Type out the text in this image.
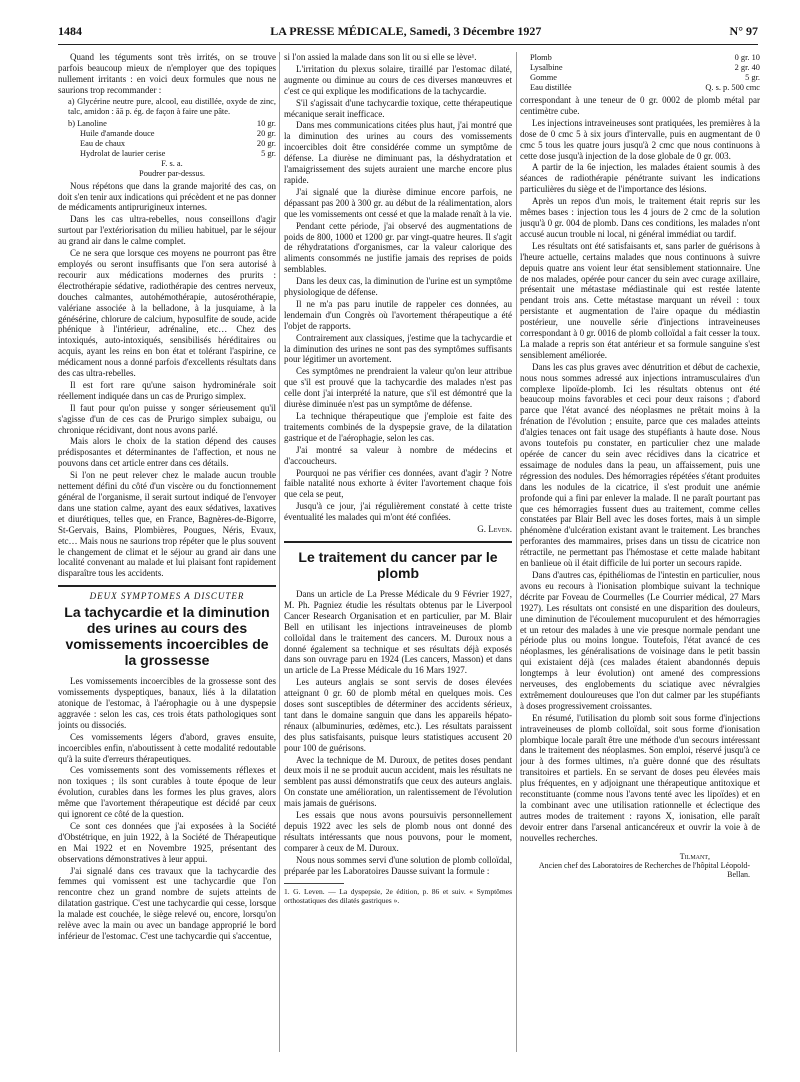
1484	LA PRESSE MÉDICALE, Samedi, 3 Décembre 1927	N° 97

Quand les téguments sont très irrités, on se trouve parfois beaucoup mieux de n'employer que des topiques nullement irritants : en voici deux formules que nous ne saurions trop recommander :

a) Glycérine neutre pure, alcool, eau distillée, oxyde de zinc, talc, amidon : āā p. ég. de façon à faire une pâte.
b) Lanoline	10 gr.
Huile d'amande douce	20 gr.
Eau de chaux	20 gr.
Hydrolat de laurier cerise	5 gr.
F. s. a.
Poudrer par-dessus.

Nous répétons que dans la grande majorité des cas, on doit s'en tenir aux indications qui précèdent et ne pas donner de médicaments antiprurigineux internes.

Dans les cas ultra-rebelles, nous conseillons d'agir surtout par l'extériorisation du milieu habituel, par le séjour au grand air dans le calme complet.

Ce ne sera que lorsque ces moyens ne pourront pas être employés ou seront insuffisants que l'on sera autorisé à recourir aux médications modernes des prurits : électrothérapie sédative, radiothérapie des centres nerveux, douches calmantes, autohémothérapie, autosérothérapie, valériane associée à la belladone, à la jusquiame, à la génésérine, chlorure de calcium, hyposulfite de soude, acide phénique à l'intérieur, adrénaline, etc… Chez des intoxiqués, auto-intoxiqués, sensibilisés héréditaires ou acquis, ayant les reins en bon état et tolérant l'aspirine, ce médicament nous a donné parfois d'excellents résultats dans des cas ultra-rebelles.

Il est fort rare qu'une saison hydrominérale soit réellement indiquée dans un cas de Prurigo simplex.

Il faut pour qu'on puisse y songer sérieusement qu'il s'agisse d'un de ces cas de Prurigo simplex subaigu, ou chronique récidivant, dont nous avons parlé.

Mais alors le choix de la station dépend des causes prédisposantes et déterminantes de l'affection, et nous ne pouvons dans cet article entrer dans ces détails.

Si l'on ne peut relever chez le malade aucun trouble nettement défini du côté d'un viscère ou du fonctionnement général de l'organisme, il serait surtout indiqué de l'envoyer dans une station calme, ayant des eaux sédatives, laxatives et diurétiques, telles que, en France, Bagnères-de-Bigorre, St-Gervais, Bains, Plombières, Pougues, Néris, Evaux, etc… Mais nous ne saurions trop répéter que le plus souvent le changement de climat et le séjour au grand air dans une localité convenant au malade et lui plaisant font rapidement disparaître tous les accidents.

DEUX SYMPTOMES A DISCUTER
La tachycardie et la diminution des urines au cours des vomissements incoercibles de la grossesse

Les vomissements incoercibles de la grossesse sont des vomissements dyspeptiques, banaux, liés à la dilatation atonique de l'estomac, à l'aérophagie ou à une dyspepsie aggravée : selon les cas, ces trois états pathologiques sont joints ou dissociés.

Ces vomissements légers d'abord, graves ensuite, incoercibles enfin, n'aboutissent à cette modalité redoutable qu'à la suite d'erreurs thérapeutiques.

Ces vomissements sont des vomissements réflexes et non toxiques ; ils sont curables à toute époque de leur évolution, curables dans les formes les plus graves, alors même que l'avortement thérapeutique est décidé par ceux qui ignorent ce côté de la question.

Ce sont ces données que j'ai exposées à la Société d'Obstétrique, en juin 1922, à la Société de Thérapeutique en Mai 1922 et en Novembre 1925, présentant des observations démonstratives à leur appui.

J'ai signalé dans ces travaux que la tachycardie des femmes qui vomissent est une tachycardie que l'on rencontre chez un grand nombre de sujets atteints de dilatation gastrique. C'est une tachycardie qui cesse, lorsque la malade est couchée, le siège relevé ou, encore, lorsqu'on relève avec la main ou avec un bandage approprié le bord inférieur de l'estomac. C'est une tachycardie qui s'accentue,

si l'on assied la malade dans son lit ou si elle se lève¹.

L'irritation du plexus solaire, tiraillé par l'estomac dilaté, augmente ou diminue au cours de ces diverses manœuvres et c'est ce qui explique les modifications de la tachycardie.

S'il s'agissait d'une tachycardie toxique, cette thérapeutique mécanique serait inefficace.

Dans mes communications citées plus haut, j'ai montré que la diminution des urines au cours des vomissements incoercibles doit être considérée comme un symptôme de défense. La diurèse ne diminuant pas, la déshydratation et l'amaigrissement des sujets auraient une marche encore plus rapide.

J'ai signalé que la diurèse diminue encore parfois, ne dépassant pas 200 à 300 gr. au début de la réalimentation, alors que les vomissements ont cessé et que la malade renaît à la vie.

Pendant cette période, j'ai observé des augmentations de poids de 800, 1000 et 1200 gr. par vingt-quatre heures. Il s'agit de réhydratations d'organismes, car la valeur calorique des aliments consommés ne justifie jamais des reprises de poids semblables.

Dans les deux cas, la diminution de l'urine est un symptôme physiologique de défense.

Il ne m'a pas paru inutile de rappeler ces données, au lendemain d'un Congrès où l'avortement thérapeutique a été l'objet de rapports.

Contrairement aux classiques, j'estime que la tachycardie et la diminution des urines ne sont pas des symptômes suffisants pour légitimer un avortement.

Ces symptômes ne prendraient la valeur qu'on leur attribue que s'il est prouvé que la tachycardie des malades n'est pas celle dont j'ai interprété la nature, que s'il est démontré que la diurèse diminuée n'est pas un symptôme de défense.

La technique thérapeutique que j'emploie est faite des traitements combinés de la dyspepsie grave, de la dilatation gastrique et de l'aérophagie, selon les cas.

J'ai montré sa valeur à nombre de médecins et d'accoucheurs.

Pourquoi ne pas vérifier ces données, avant d'agir ? Notre faible natalité nous exhorte à éviter l'avortement chaque fois que cela se peut,

Jusqu'à ce jour, j'ai régulièrement constaté à cette triste éventualité les malades qui m'ont été confiées.

G. Leven.

Le traitement du cancer par le plomb

Dans un article de La Presse Médicale du 9 Février 1927, M. Ph. Pagniez étudie les résultats obtenus par le Liverpool Cancer Research Organisation et en particulier, par M. Blair Bell en utilisant les injections intraveineuses de plomb colloïdal dans le traitement des cancers. M. Duroux nous a donné également sa technique et ses résultats déjà exposés dans son ouvrage paru en 1924 (Les cancers, Masson) et dans un article de La Presse Médicale du 16 Mars 1927.

Les auteurs anglais se sont servis de doses élevées atteignant 0 gr. 60 de plomb métal en quelques mois. Ces doses sont susceptibles de déterminer des accidents sérieux, tant dans le domaine sanguin que dans les appareils hépato-rénaux (albuminuries, œdèmes, etc.). Les résultats paraissent des plus satisfaisants, puisque leurs statistiques accusent 20 pour 100 de guérisons.

Avec la technique de M. Duroux, de petites doses pendant deux mois il ne se produit aucun accident, mais les résultats ne semblent pas aussi démonstratifs que ceux des auteurs anglais. On constate une amélioration, un ralentissement de l'évolution mais jamais de guérisons.

Les essais que nous avons poursuivis personnellement depuis 1922 avec les sels de plomb nous ont donné des résultats intéressants que nous pouvons, pour le moment, comparer à ceux de M. Duroux.

Nous nous sommes servi d'une solution de plomb colloïdal, préparée par les Laboratoires Dausse suivant la formule :

1. G. Leven. — La dyspepsie, 2e édition, p. 86 et suiv. « Symptômes orthostatiques des dilatés gastriques ».

Plomb	0 gr. 10
Lysalbine	2 gr. 40
Gomme	5 gr.
Eau distillée	Q. s. p. 500 cmc

correspondant à une teneur de 0 gr. 0002 de plomb métal par centimètre cube.

Les injections intraveineuses sont pratiquées, les premières à la dose de 0 cmc 5 à six jours d'intervalle, puis en augmentant de 0 cmc 5 tous les quatre jours jusqu'à 2 cmc que nous continuons à cette dose jusqu'à injection de la dose globale de 0 gr. 003.

A partir de la 6e injection, les malades étaient soumis à des séances de radiothérapie pénétrante suivant les indications particulières du siège et de l'importance des lésions.

Après un repos d'un mois, le traitement était repris sur les mêmes bases : injection tous les 4 jours de 2 cmc de la solution jusqu'à 0 gr. 004 de plomb. Dans ces conditions, les malades n'ont accusé aucun trouble ni local, ni général immédiat ou tardif.

Les résultats ont été satisfaisants et, sans parler de guérisons à l'heure actuelle, certains malades que nous continuons à suivre depuis quatre ans voient leur état sensiblement stationnaire. Une de nos malades, opérée pour cancer du sein avec curage axillaire, présentait une métastase médiastinale qui est restée latente pendant trois ans. Cette métastase marquant un réveil : toux persistante et augmentation de l'aire opaque du médiastin postérieur, une nouvelle série d'injections intraveineuses correspondant à 0 gr. 0016 de plomb colloïdal a fait cesser la toux. La malade a repris son état antérieur et sa formule sanguine s'est sensiblement améliorée.

Dans les cas plus graves avec dénutrition et début de cachexie, nous nous sommes adressé aux injections intramusculaires d'un complexe lipoïde-plomb. Ici les résultats obtenus ont été beaucoup moins favorables et ceci pour deux raisons ; d'abord parce que l'état avancé des néoplasmes ne prêtait moins à la frénation de l'évolution ; ensuite, parce que ces malades atteints d'algies tenaces ont fait usage des stupéfiants à haute dose. Nous avons toutefois pu constater, en particulier chez une malade opérée de cancer du sein avec récidives dans la cicatrice et essaimage de nodules dans la peau, un affaissement, puis une régression des nodules. Des hémorragies répétées s'étant produites dans les nodules de la cicatrice, il s'est produit une anémie profonde qui a fini par enlever la malade. Il ne paraît pourtant pas que ces hémorragies fussent dues au traitement, comme celles constatées par Blair Bell avec les doses fortes, mais à un simple phénomène d'ulcération existant avant le traitement. Les branches perforantes des mammaires, prises dans un tissu de cicatrice non rétractile, ne permettant pas l'hémostase et cette malade habitant en banlieue où il était difficile de lui porter un secours rapide.

Dans d'autres cas, épithéliomas de l'intestin en particulier, nous avons eu recours à l'ionisation plombique suivant la technique décrite par Foveau de Courmelles (Le Courrier médical, 27 Mars 1927). Les résultats ont consisté en une disparition des douleurs, une diminution de l'écoulement mucopurulent et des hémorragies et un retour des malades à une vie presque normale pendant une période plus ou moins longue. Toutefois, l'état avancé de ces néoplasmes, les généralisations de voisinage dans le petit bassin qui existaient déjà (ces malades étaient abandonnés depuis longtemps à leur évolution) ont amené des compressions nerveuses, des englobements du sciatique avec névralgies extrêmement douloureuses que l'on dut calmer par les stupéfiants à doses progressivement croissantes.

En résumé, l'utilisation du plomb soit sous forme d'injections intraveineuses de plomb colloïdal, soit sous forme d'ionisation plombique locale paraît être une méthode d'un secours intéressant dans le traitement des néoplasmes. Son emploi, réservé jusqu'à ce jour à des formes ultimes, n'a guère donné que des résultats transitoires et partiels. En se servant de doses peu élevées mais plus fréquentes, en y adjoignant une thérapeutique antitoxique et reconstituante (comme nous l'avons tenté avec les lipoïdes) et en la combinant avec une utilisation rationnelle et éclectique des autres modes de traitement : rayons X, ionisation, elle paraît devoir entrer dans l'arsenal anticancéreux et ouvrir la voie à de nouvelles recherches.

Tilmant,
Ancien chef des Laboratoires de Recherches de l'hôpital Léopold-Bellan.
